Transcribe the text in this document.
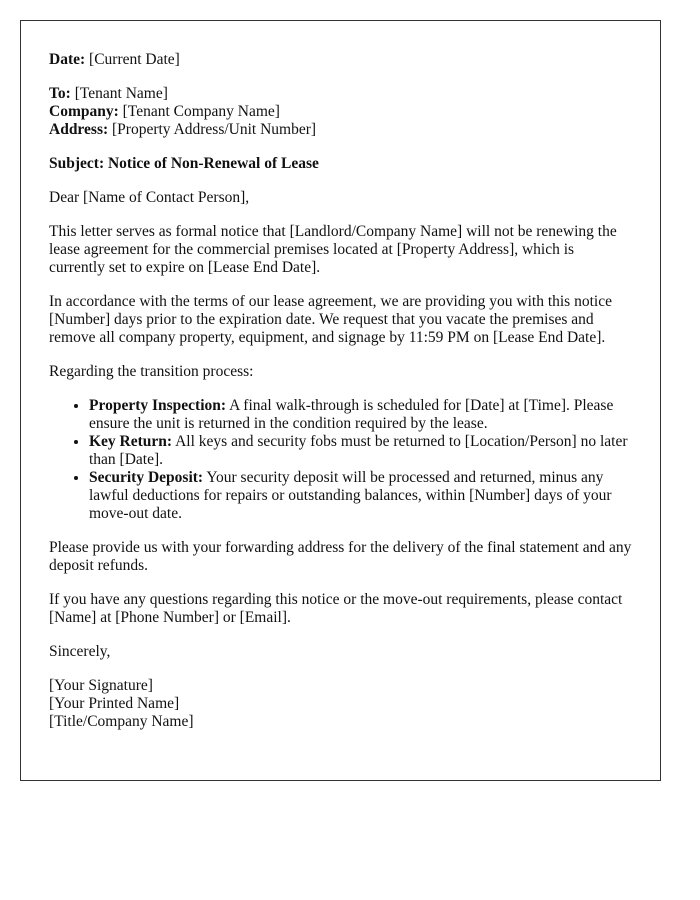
Date: [Current Date]

To: [Tenant Name]

Company: [Tenant Company Name]

Address: [Property Address/Unit Number]

Subject: Notice of Non-Renewal of Lease

Dear [Name of Contact Person],

This letter serves as formal notice that [Landlord/Company Name] will not be renewing the lease agreement for the commercial premises located at [Property Address], which is currently set to expire on [Lease End Date].

In accordance with the terms of our lease agreement, we are providing you with this notice [Number] days prior to the expiration date. We request that you vacate the premises and remove all company property, equipment, and signage by 11:59 PM on [Lease End Date].

Regarding the transition process:

• Property Inspection: A final walk-through is scheduled for [Date] at [Time]. Please ensure the unit is returned in the condition required by the lease.
• Key Return: All keys and security fobs must be returned to [Location/Person] no later than [Date].
• Security Deposit: Your security deposit will be processed and returned, minus any lawful deductions for repairs or outstanding balances, within [Number] days of your move-out date.

Please provide us with your forwarding address for the delivery of the final statement and any deposit refunds.

If you have any questions regarding this notice or the move-out requirements, please contact [Name] at [Phone Number] or [Email].

Sincerely,

[Your Signature]
[Your Printed Name]
[Title/Company Name]
